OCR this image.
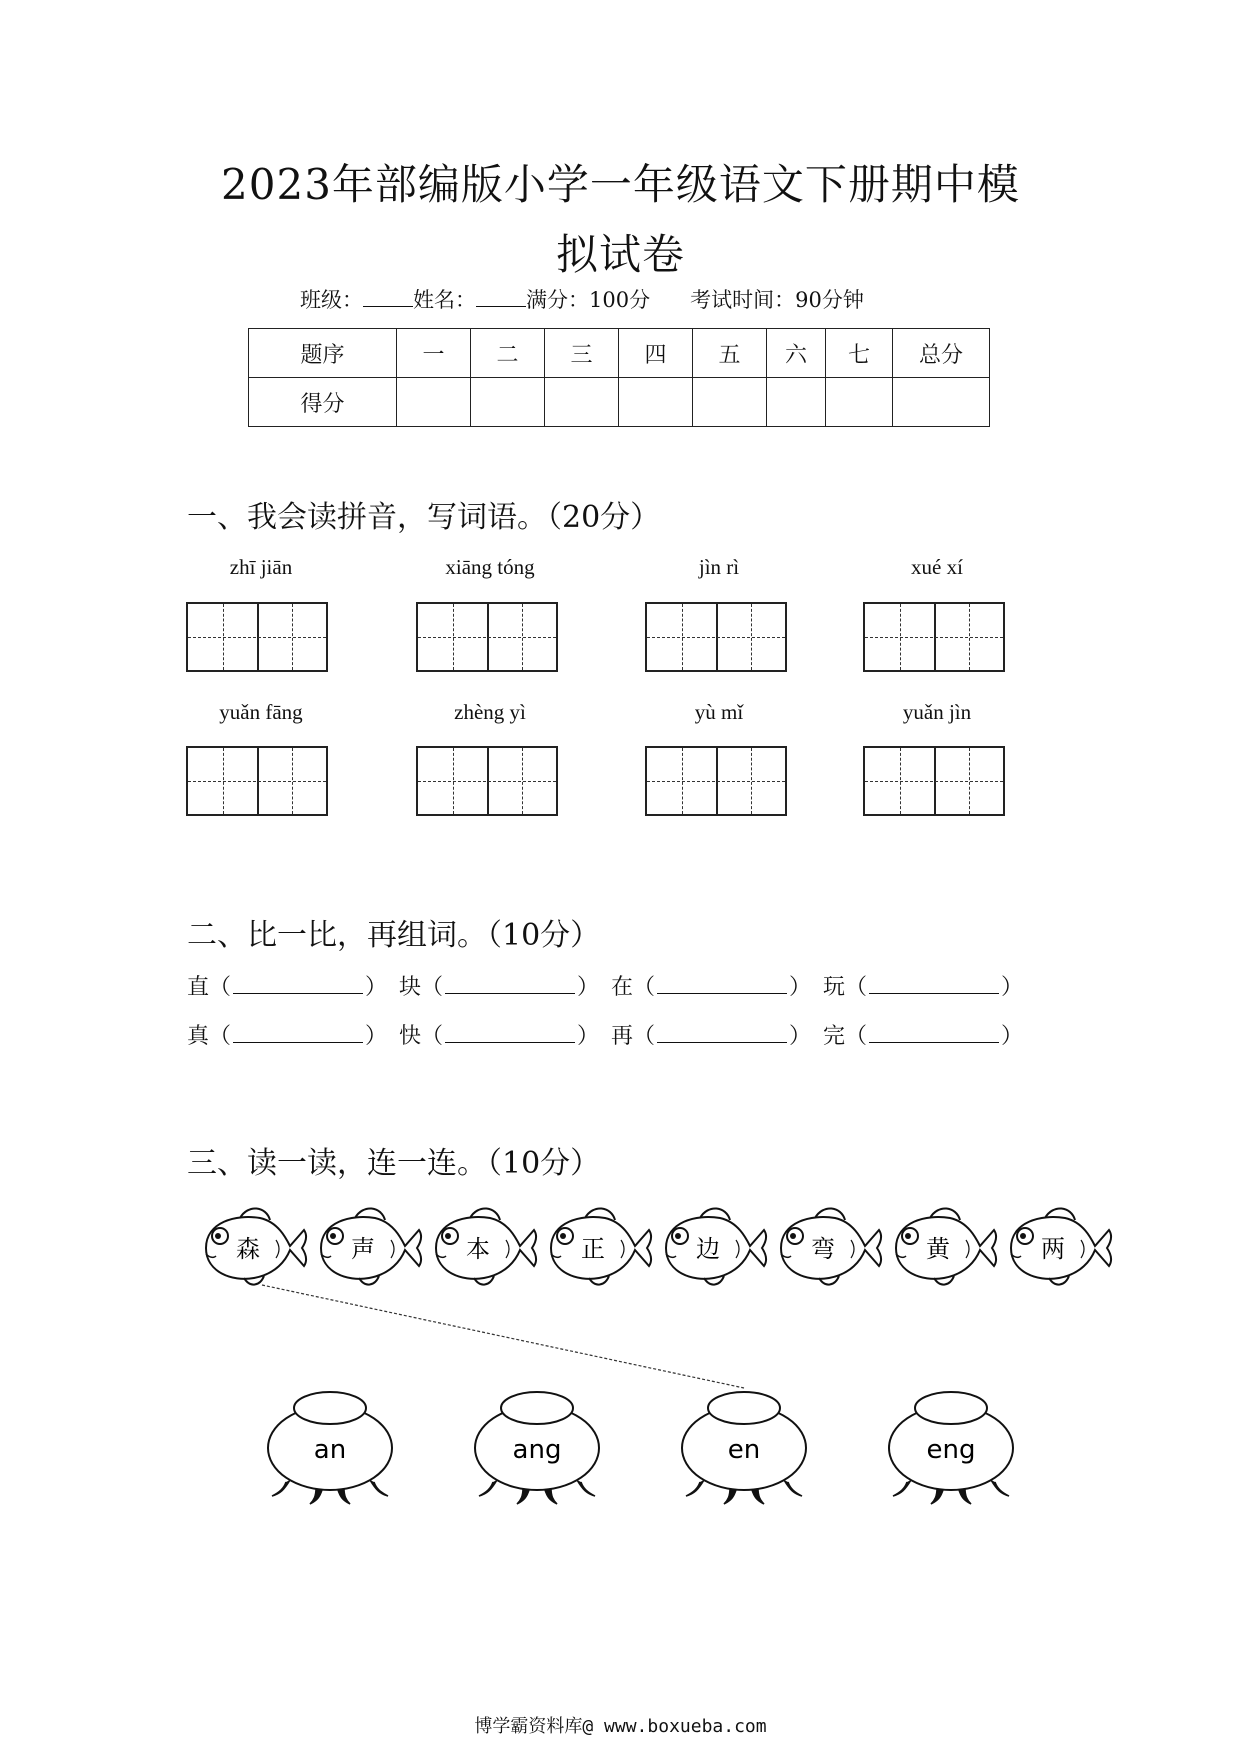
2023年部编版小学一年级语文下册期中模
拟试卷
班级： 姓名： 满分：100分 考试时间：90分钟
题序	一	二	三	四	五	六	七	总分
得分								
一、我会读拼音，写词语。（20分）
zhī jiān	xiāng tóng	jìn rì	xué xí
yuǎn fāng	zhèng yì	yù mǐ	yuǎn jìn
二、比一比，再组词。（10分）
直（	） 块（	） 在（	） 玩（	）
真（	） 快（	） 再（	） 完（	）
三、读一读，连一连。（10分）
森	声	本	正	边	弯	黄	两
an	ang	en	eng
博学霸资料库@ www.boxueba.com
